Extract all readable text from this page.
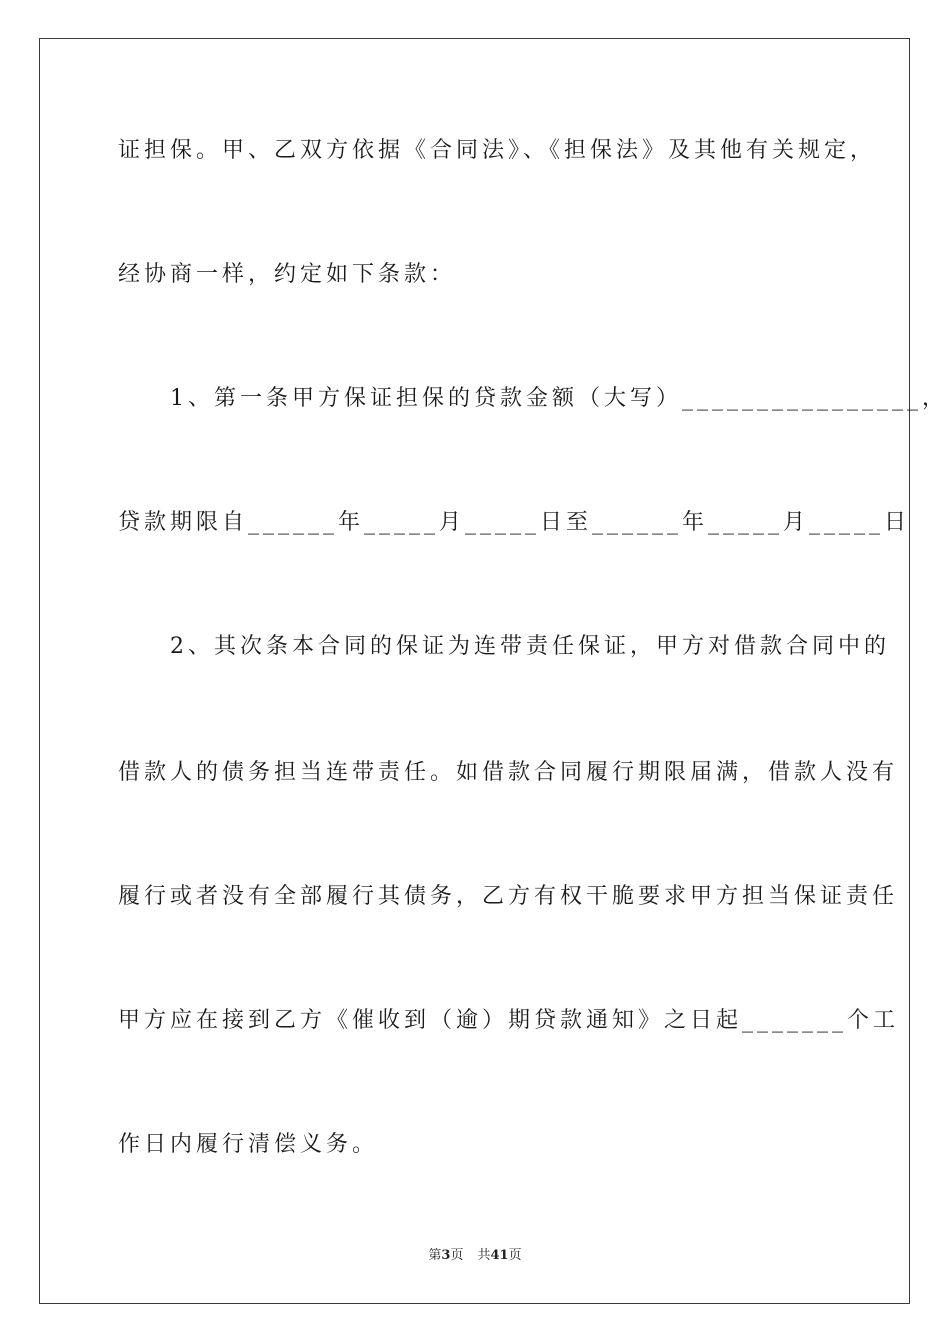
证担保。甲、乙双方依据《合同法》、《担保法》及其他有关规定，
经协商一样，约定如下条款：
　　1、第一条甲方保证担保的贷款金额（大写）________________，
贷款期限自______年_____月_____日至______年_____月_____日
　　2、其次条本合同的保证为连带责任保证，甲方对借款合同中的
借款人的债务担当连带责任。如借款合同履行期限届满，借款人没有
履行或者没有全部履行其债务，乙方有权干脆要求甲方担当保证责任
甲方应在接到乙方《催收到（逾）期贷款通知》之日起_______个工
作日内履行清偿义务。
第3页 共41页
